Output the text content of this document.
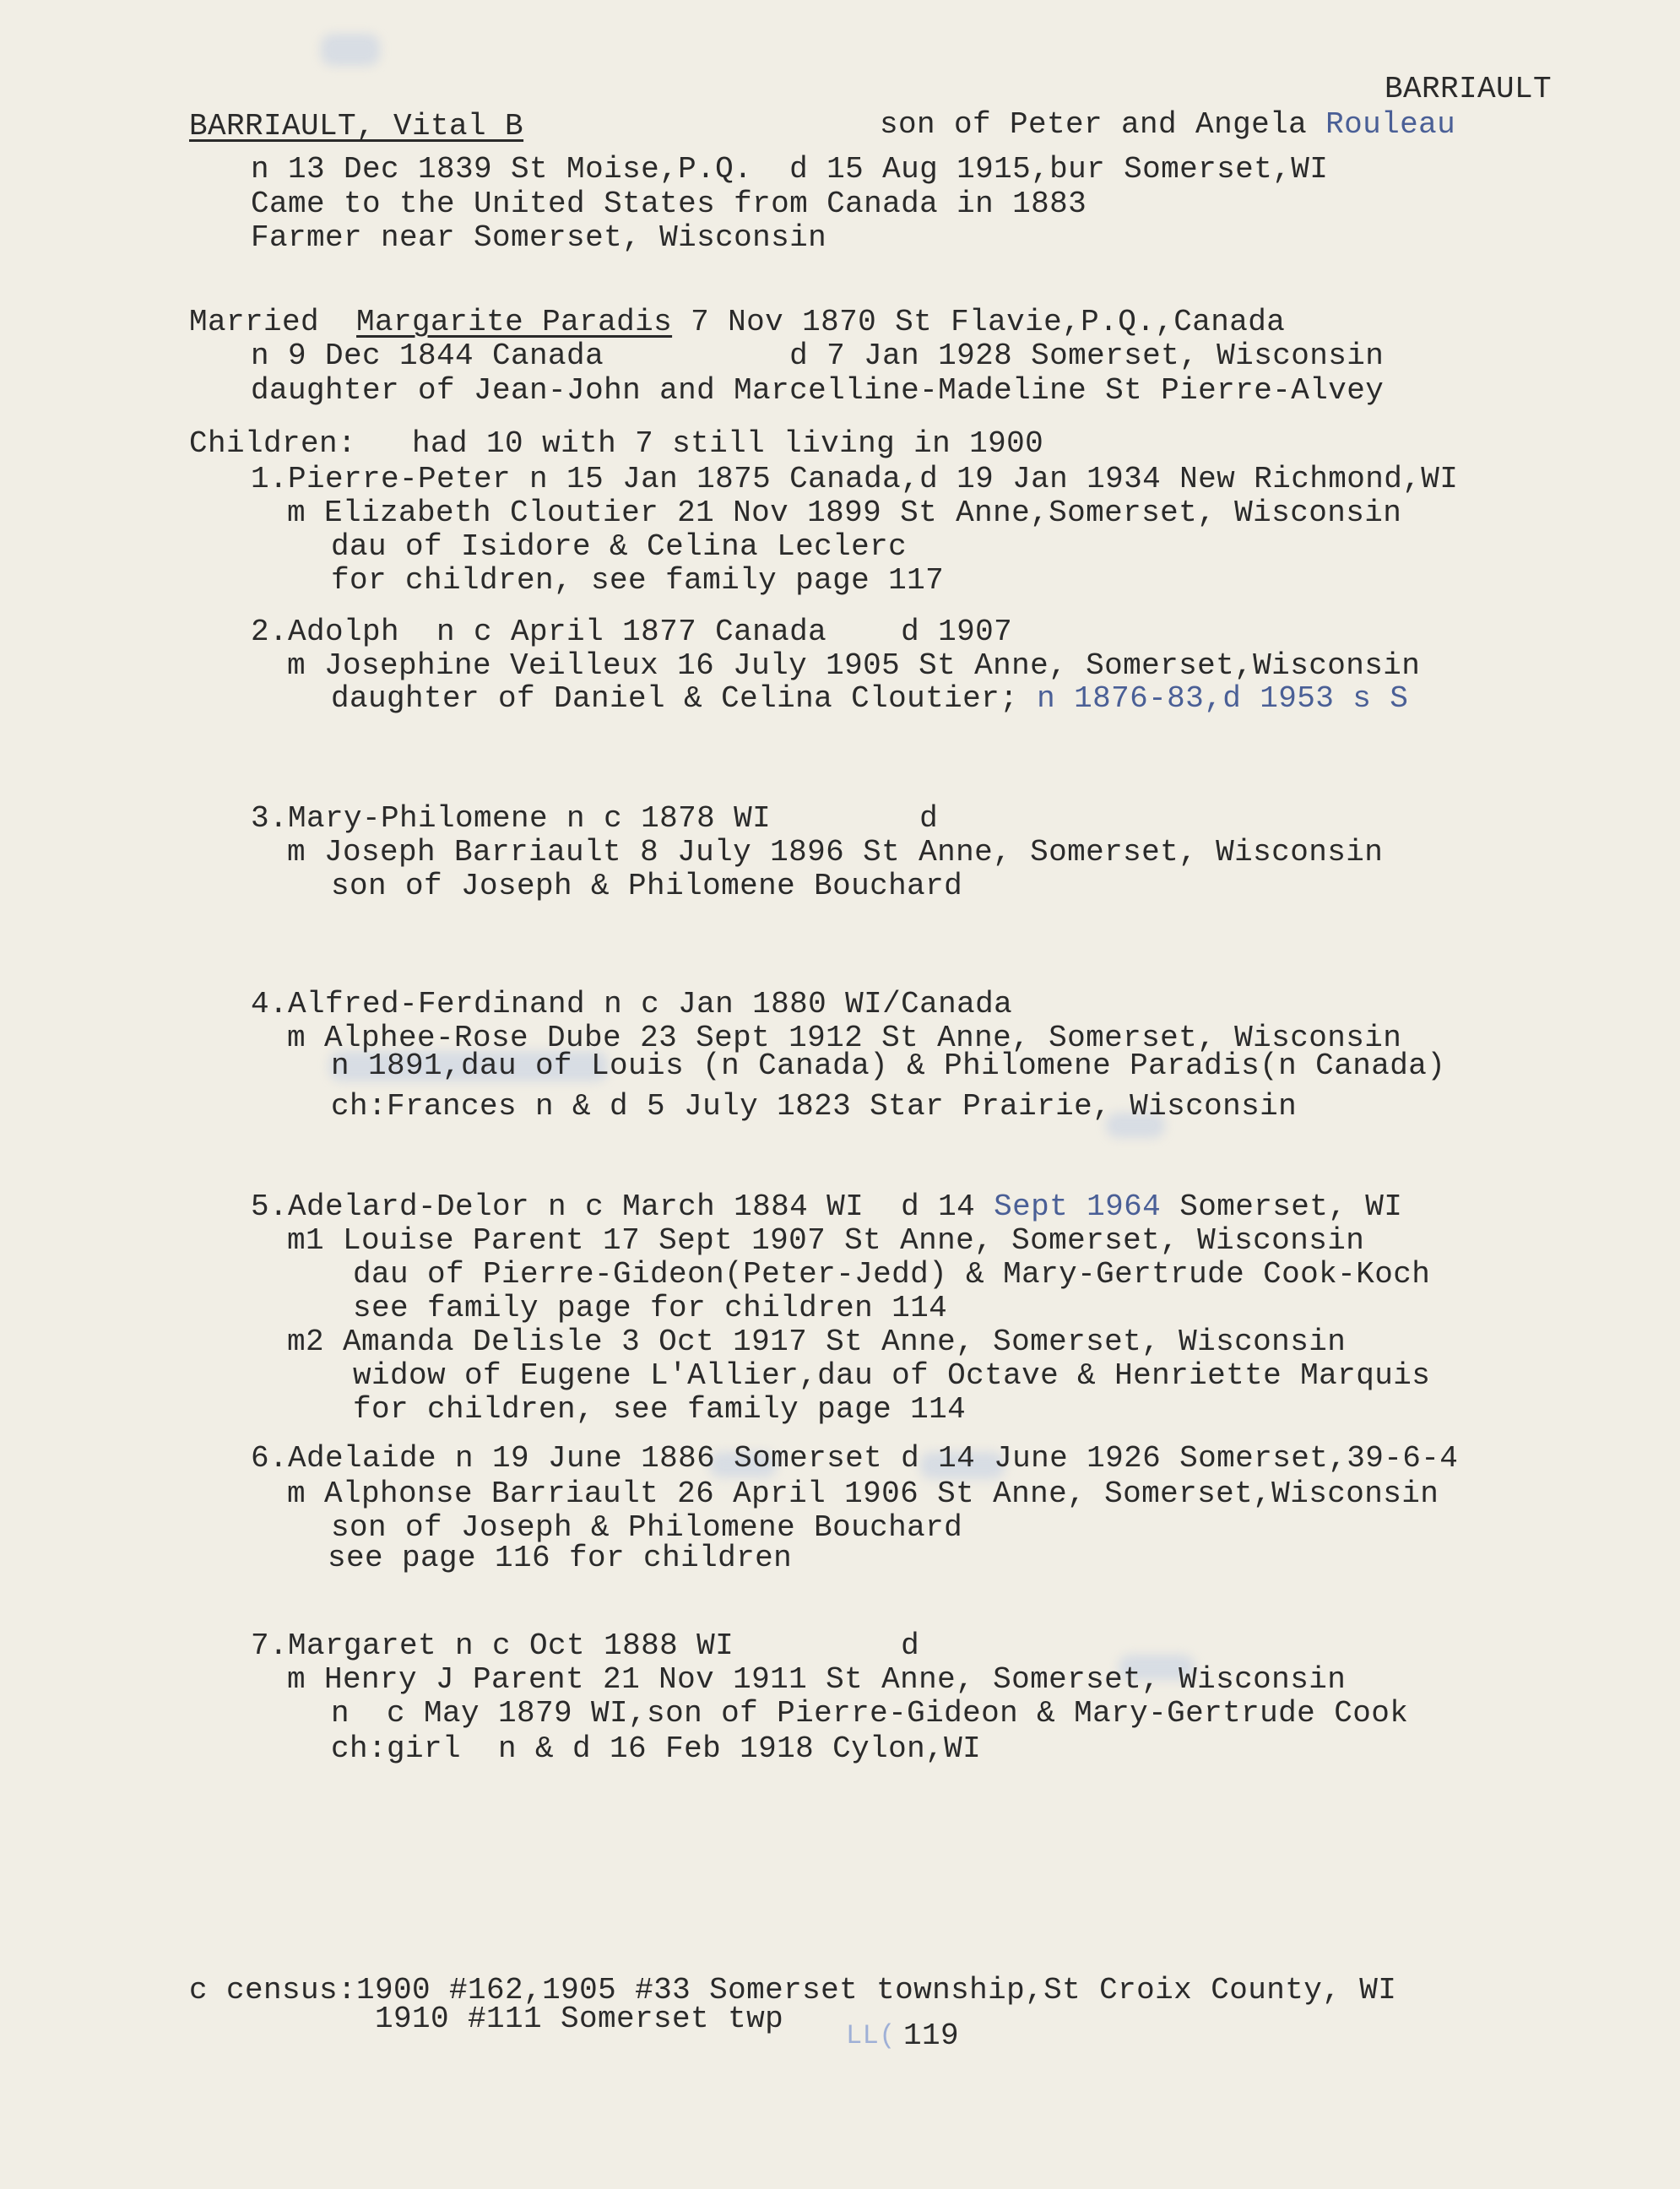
BARRIAULT
BARRIAULT, Vital B	son of Peter and Angela Rouleau
n 13 Dec 1839 St Moise,P.Q.  d 15 Aug 1915,bur Somerset,WI
Came to the United States from Canada in 1883
Farmer near Somerset, Wisconsin
Married Margarite Paradis 7 Nov 1870 St Flavie,P.Q.,Canada
n 9 Dec 1844 Canada          d 7 Jan 1928 Somerset, Wisconsin
daughter of Jean-John and Marcelline-Madeline St Pierre-Alvey
Children:   had 10 with 7 still living in 1900
1.Pierre-Peter n 15 Jan 1875 Canada,d 19 Jan 1934 New Richmond,WI
m Elizabeth Cloutier 21 Nov 1899 St Anne,Somerset, Wisconsin
dau of Isidore & Celina Leclerc
for children, see family page 117
2.Adolph  n c April 1877 Canada    d 1907
m Josephine Veilleux 16 July 1905 St Anne, Somerset,Wisconsin
daughter of Daniel & Celina Cloutier; n 1876-83,d 1953 s S
3.Mary-Philomene n c 1878 WI        d
m Joseph Barriault 8 July 1896 St Anne, Somerset, Wisconsin
son of Joseph & Philomene Bouchard
4.Alfred-Ferdinand n c Jan 1880 WI/Canada
m Alphee-Rose Dube 23 Sept 1912 St Anne, Somerset, Wisconsin
n 1891,dau of Louis (n Canada) & Philomene Paradis(n Canada)
ch:Frances n & d 5 July 1823 Star Prairie, Wisconsin
5.Adelard-Delor n c March 1884 WI  d 14 Sept 1964 Somerset, WI
m1 Louise Parent 17 Sept 1907 St Anne, Somerset, Wisconsin
dau of Pierre-Gideon(Peter-Jedd) & Mary-Gertrude Cook-Koch
see family page for children 114
m2 Amanda Delisle 3 Oct 1917 St Anne, Somerset, Wisconsin
widow of Eugene L'Allier,dau of Octave & Henriette Marquis
for children, see family page 114
6.Adelaide n 19 June 1886 Somerset d 14 June 1926 Somerset,39-6-4
m Alphonse Barriault 26 April 1906 St Anne, Somerset,Wisconsin
son of Joseph & Philomene Bouchard
see page 116 for children
7.Margaret n c Oct 1888 WI         d
m Henry J Parent 21 Nov 1911 St Anne, Somerset, Wisconsin
n  c May 1879 WI,son of Pierre-Gideon & Mary-Gertrude Cook
ch:girl  n & d 16 Feb 1918 Cylon,WI
c census:1900 #162,1905 #33 Somerset township,St Croix County, WI
1910 #111 Somerset twp LL( 119
